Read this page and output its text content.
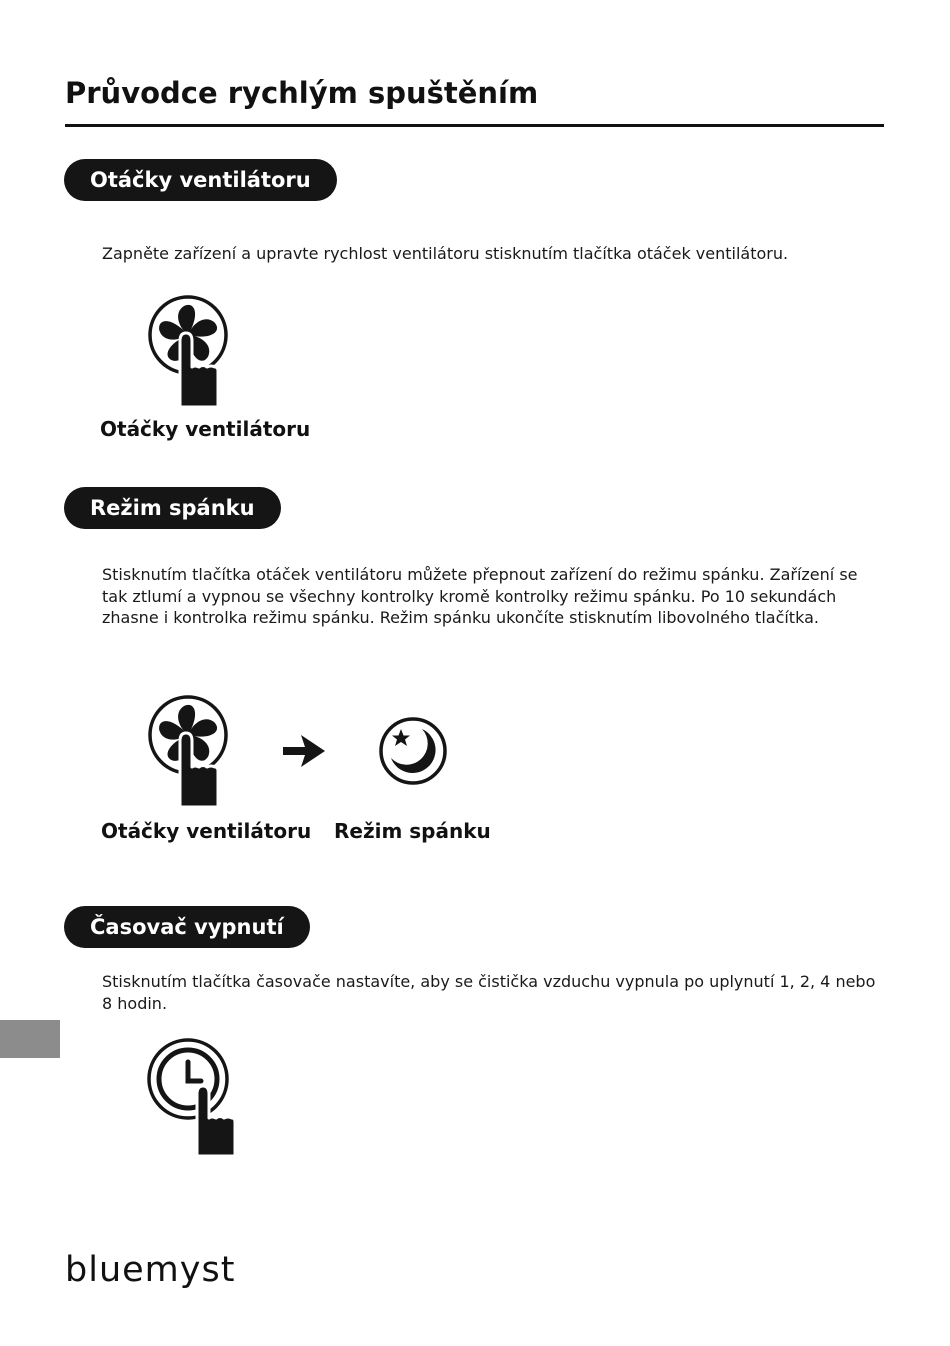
Průvodce rychlým spuštěním
Otáčky ventilátoru

Zapněte zařízení a upravte rychlost ventilátoru stisknutím tlačítka otáček ventilátoru.

Otáčky ventilátoru
Režim spánku

Stisknutím tlačítka otáček ventilátoru můžete přepnout zařízení do režimu spánku. Zařízení se tak ztlumí a vypnou se všechny kontrolky kromě kontrolky režimu spánku. Po 10 sekundách zhasne i kontrolka režimu spánku. Režim spánku ukončíte stisknutím libovolného tlačítka.

Otáčky ventilátoru Režim spánku
Časovač vypnutí

Stisknutím tlačítka časovače nastavíte, aby se čistička vzduchu vypnula po uplynutí 1, 2, 4 nebo 8 hodin.

bluemyst
